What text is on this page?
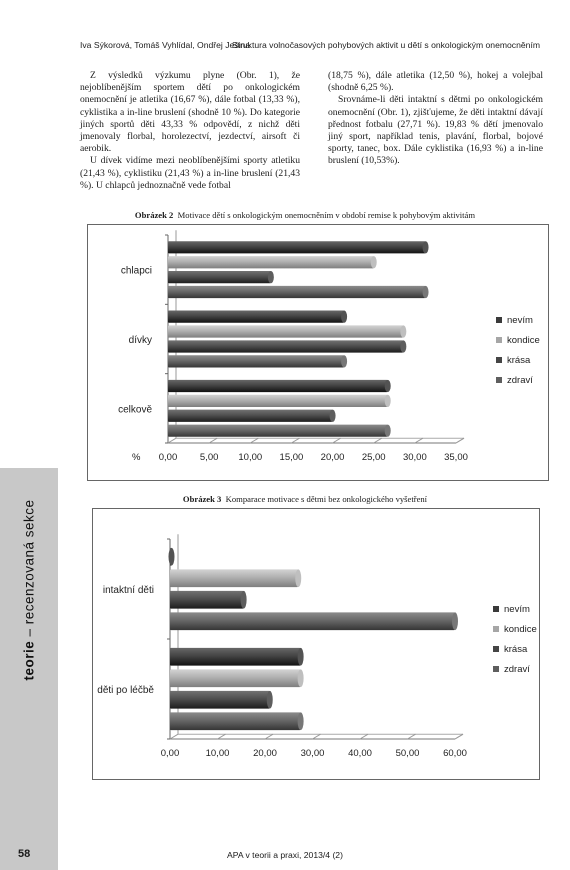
Iva Sýkorová, Tomáš Vyhlídal, Ondřej Ješina
Struktura volnočasových pohybových aktivit u dětí s onkologickým onemocněním

Z výsledků výzkumu plyne (Obr. 1), že nejoblíbenějším sportem dětí po onkologickém onemocnění je atletika (16,67 %), dále fotbal (13,33 %), cyklistika a in-line bruslení (shodně 10 %). Do kategorie jiných sportů děti 43,33 % odpovědí, z nichž děti jmenovaly florbal, horolezectví, jezdectví, airsoft či aerobik.

U dívek vidíme mezi neoblíbenějšími sporty atletiku (21,43 %), cyklistiku (21,43 %) a in-line bruslení (21,43 %). U chlapců jednoznačně vede fotbal

(18,75 %), dále atletika (12,50 %), hokej a volejbal (shodně 6,25 %).

Srovnáme-li děti intaktní s dětmi po onkologickém onemocnění (Obr. 1), zjišťujeme, že děti intaktní dávají přednost fotbalu (27,71 %). 19,83 % dětí jmenovalo jiný sport, například tenis, plavání, florbal, bojové sporty, tanec, box. Dále cyklistika (16,93 %) a in-line bruslení (10,53%).

Obrázek 2 Motivace dětí s onkologickým onemocněním v období remise k pohybovým aktivitám
0,00 5,00 10,00 15,00 20,00 25,00 30,00 35,00
%
celkově
dívky
chlapci
nevím
kondice
krása
zdraví
Obrázek 3 Komparace motivace s dětmi bez onkologického vyšetření
0,00	10,00 20,00 30,00 40,00 50,00 60,00
děti po léčbě
intaktní děti
nevím
kondice
krása
zdraví
teorie – recenzovaná sekce
58	APA v teorii a praxi, 2013/4 (2)
